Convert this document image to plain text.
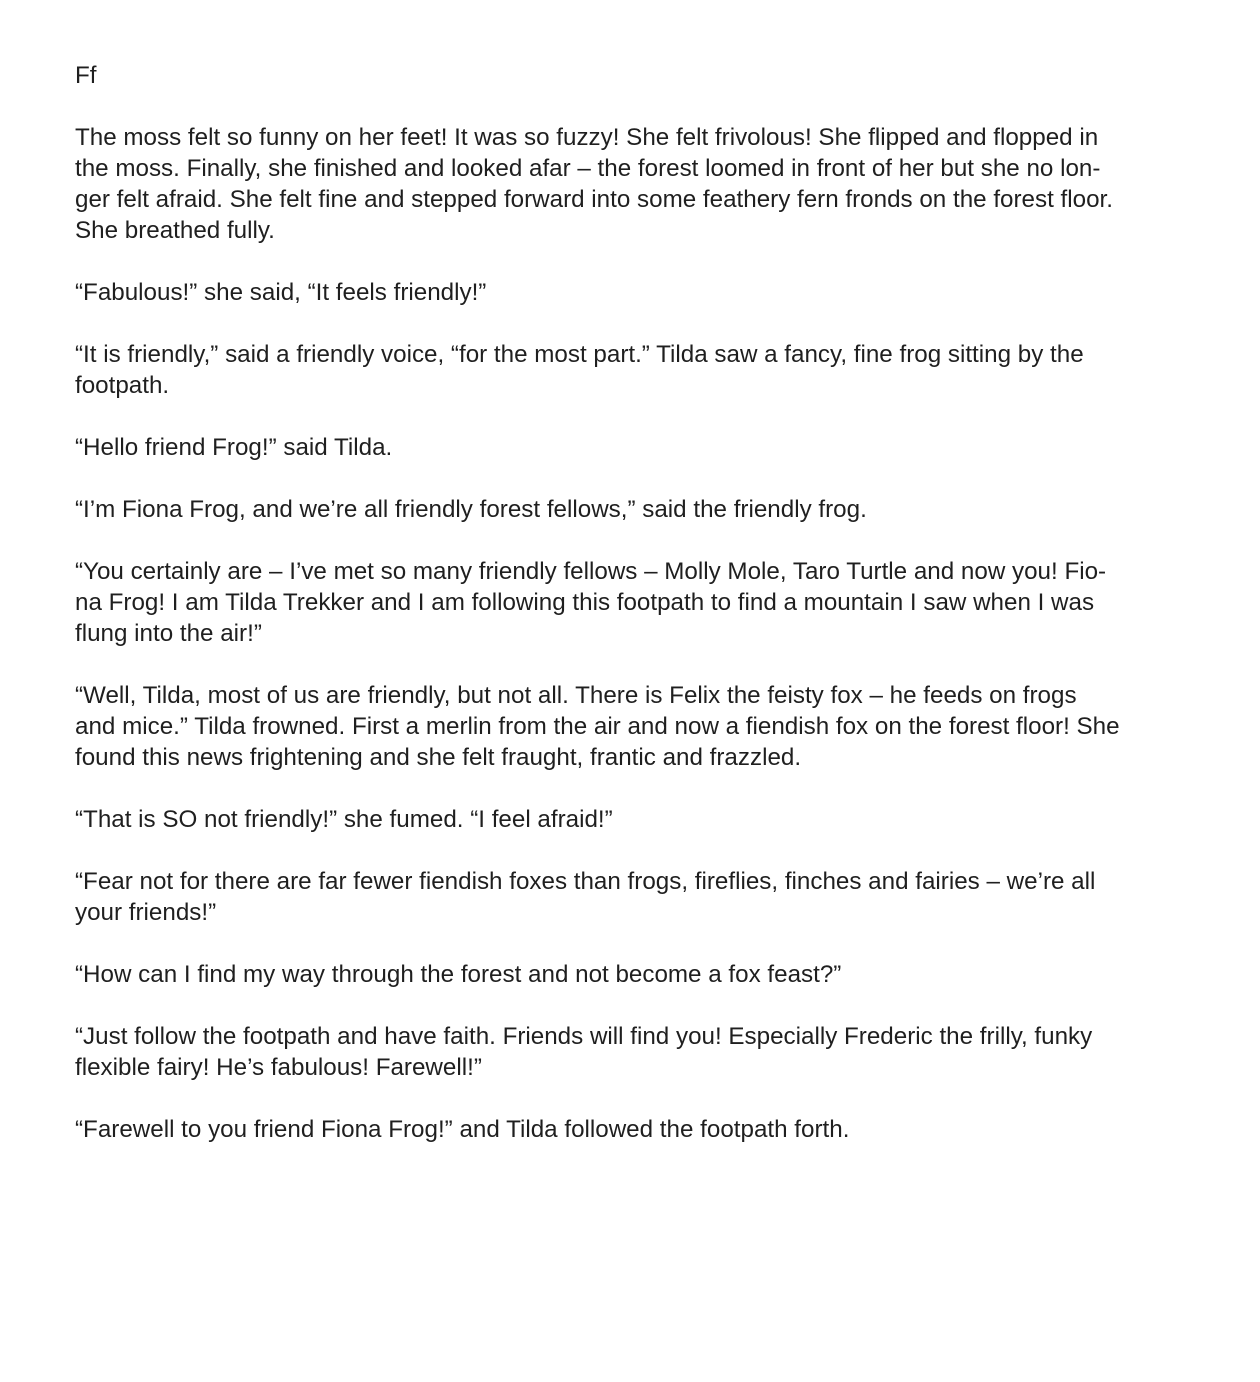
Ff
The moss felt so funny on her feet! It was so fuzzy! She felt frivolous! She flipped and flopped in
the moss. Finally, she finished and looked afar – the forest loomed in front of her but she no lon-
ger felt afraid. She felt fine and stepped forward into some feathery fern fronds on the forest floor.
She breathed fully.
“Fabulous!” she said, “It feels friendly!”
“It is friendly,” said a friendly voice, “for the most part.” Tilda saw a fancy, fine frog sitting by the
footpath.
“Hello friend Frog!” said Tilda.
“I’m Fiona Frog, and we’re all friendly forest fellows,” said the friendly frog.
“You certainly are – I’ve met so many friendly fellows – Molly Mole, Taro Turtle and now you! Fio-
na Frog! I am Tilda Trekker and I am following this footpath to find a mountain I saw when I was
flung into the air!”
“Well, Tilda, most of us are friendly, but not all. There is Felix the feisty fox – he feeds on frogs
and mice.” Tilda frowned. First a merlin from the air and now a fiendish fox on the forest floor! She
found this news frightening and she felt fraught, frantic and frazzled.
“That is SO not friendly!” she fumed. “I feel afraid!”
“Fear not for there are far fewer fiendish foxes than frogs, fireflies, finches and fairies – we’re all
your friends!”
“How can I find my way through the forest and not become a fox feast?”
“Just follow the footpath and have faith. Friends will find you! Especially Frederic the frilly, funky
flexible fairy! He’s fabulous! Farewell!”
“Farewell to you friend Fiona Frog!” and Tilda followed the footpath forth.
